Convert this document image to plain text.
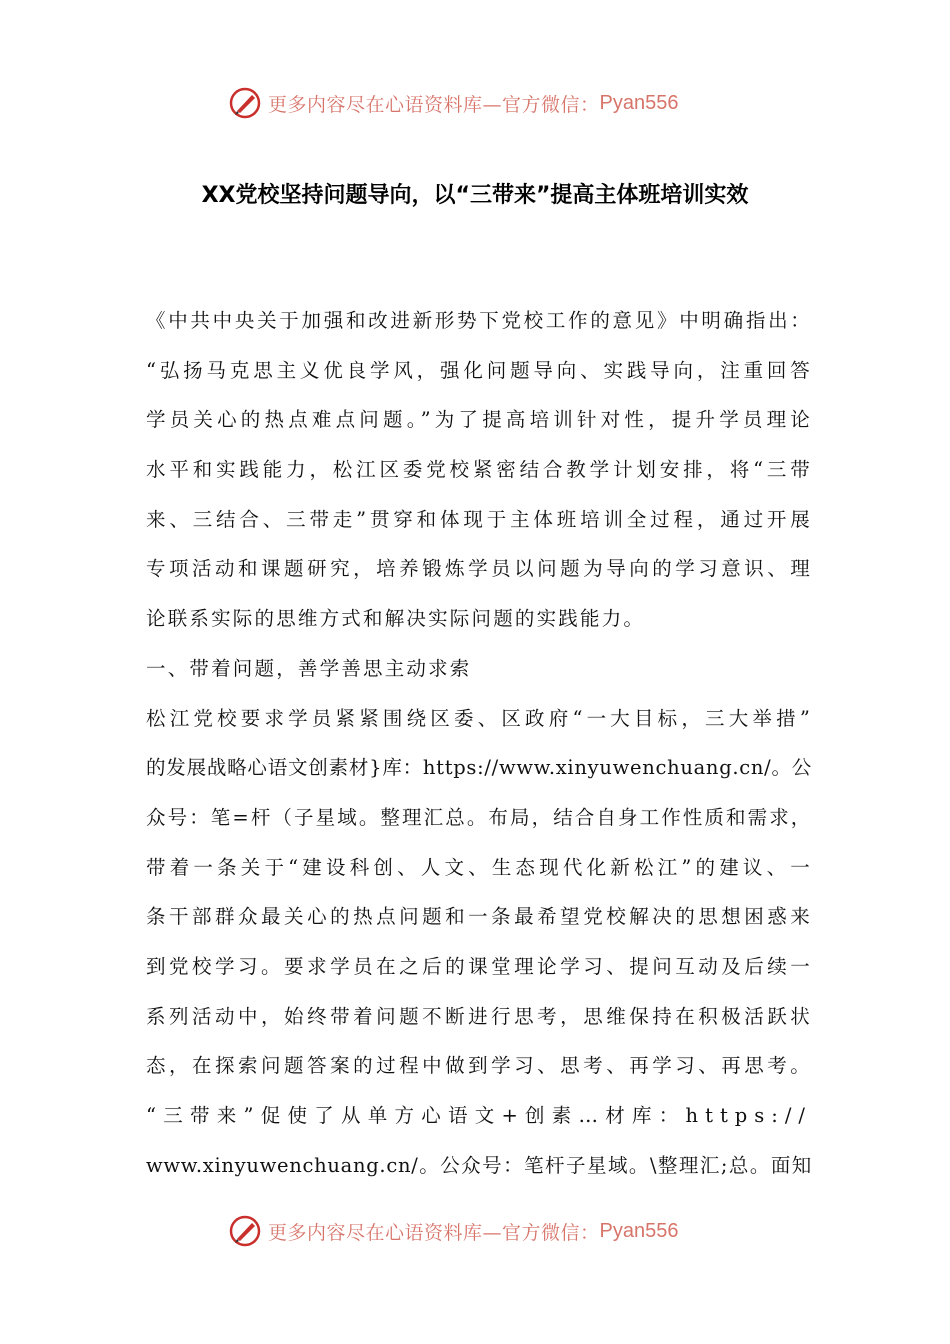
更多内容尽在心语资料库—官方微信： Pyan556
XX党校坚持问题导向，以“三带来”提高主体班培训实效
《中共中央关于加强和改进新形势下党校工作的意见》中明确指出：
“弘扬马克思主义优良学风，强化问题导向、实践导向，注重回答
学员关心的热点难点问题。”为了提高培训针对性，提升学员理论
水平和实践能力，松江区委党校紧密结合教学计划安排，将“三带
来、三结合、三带走”贯穿和体现于主体班培训全过程，通过开展
专项活动和课题研究，培养锻炼学员以问题为导向的学习意识、理
论联系实际的思维方式和解决实际问题的实践能力。
一、带着问题，善学善思主动求索
松江党校要求学员紧紧围绕区委、区政府“一大目标，三大举措”
的发展战略心语文创素材}库：https://www.xinyuwenchuang.cn/。公
众号：笔=杆（子星域。整理汇总。布局，结合自身工作性质和需求，
带着一条关于“建设科创、人文、生态现代化新松江”的建议、一
条干部群众最关心的热点问题和一条最希望党校解决的思想困惑来
到党校学习。要求学员在之后的课堂理论学习、提问互动及后续一
系列活动中，始终带着问题不断进行思考，思维保持在积极活跃状
态，在探索问题答案的过程中做到学习、思考、再学习、再思考。
“三带来”促使了从单方心语文+创素…材库：https://
www.xinyuwenchuang.cn/。公众号：笔杆子星域。\整理汇;总。面知
更多内容尽在心语资料库—官方微信： Pyan556
